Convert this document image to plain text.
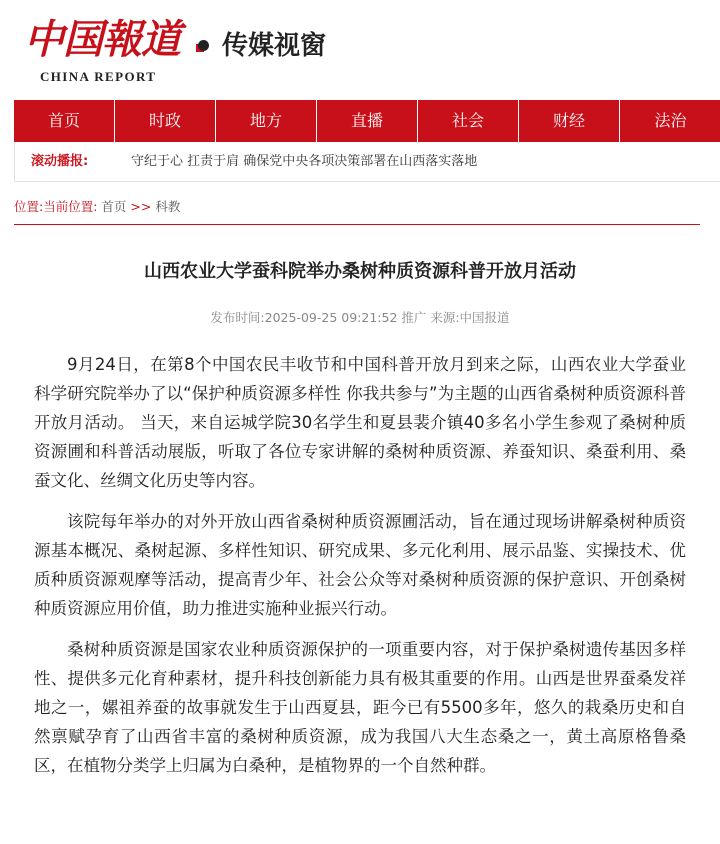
中国報道
CHINA REPORT
传媒视窗
首页	时政	地方	直播	社会	财经	法治
滚动播报:	守纪于心 扛责于肩 确保党中央各项决策部署在山西落实落地
位置:当前位置: 首页 >> 科教
山西农业大学蚕科院举办桑树种质资源科普开放月活动
发布时间:2025-09-25 09:21:52 推广 来源:中国报道

9月24日，在第8个中国农民丰收节和中国科普开放月到来之际，山西农业大学蚕业科学研究院举办了以“保护种质资源多样性 你我共参与”为主题的山西省桑树种质资源科普开放月活动。 当天，来自运城学院30名学生和夏县裴介镇40多名小学生参观了桑树种质资源圃和科普活动展版，听取了各位专家讲解的桑树种质资源、养蚕知识、桑蚕利用、桑蚕文化、丝绸文化历史等内容。

该院每年举办的对外开放山西省桑树种质资源圃活动，旨在通过现场讲解桑树种质资源基本概况、桑树起源、多样性知识、研究成果、多元化利用、展示品鉴、实操技术、优质种质资源观摩等活动，提高青少年、社会公众等对桑树种质资源的保护意识、开创桑树种质资源应用价值，助力推进实施种业振兴行动。

桑树种质资源是国家农业种质资源保护的一项重要内容，对于保护桑树遗传基因多样性、提供多元化育种素材，提升科技创新能力具有极其重要的作用。山西是世界蚕桑发祥地之一，嫘祖养蚕的故事就发生于山西夏县，距今已有5500多年，悠久的栽桑历史和自然禀赋孕育了山西省丰富的桑树种质资源，成为我国八大生态桑之一，黄土高原格鲁桑区，在植物分类学上归属为白桑种，是植物界的一个自然种群。
